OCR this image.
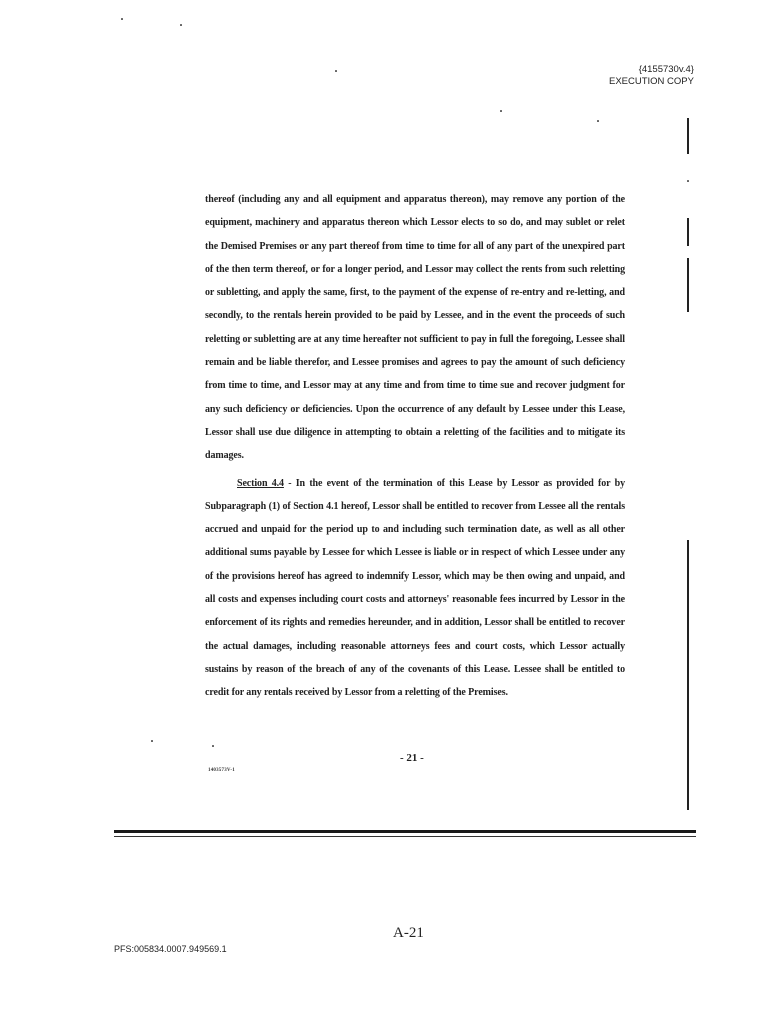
{4155730v.4}
EXECUTION COPY

thereof (including any and all equipment and apparatus thereon), may remove any portion of the equipment, machinery and apparatus thereon which Lessor elects to so do, and may sublet or relet the Demised Premises or any part thereof from time to time for all of any part of the unexpired part of the then term thereof, or for a longer period, and Lessor may collect the rents from such reletting or subletting, and apply the same, first, to the payment of the expense of re-entry and re-letting, and secondly, to the rentals herein provided to be paid by Lessee, and in the event the proceeds of such reletting or subletting are at any time hereafter not sufficient to pay in full the foregoing, Lessee shall remain and be liable therefor, and Lessee promises and agrees to pay the amount of such deficiency from time to time, and Lessor may at any time and from time to time sue and recover judgment for any such deficiency or deficiencies. Upon the occurrence of any default by Lessee under this Lease, Lessor shall use due diligence in attempting to obtain a reletting of the facilities and to mitigate its damages.

Section 4.4 - In the event of the termination of this Lease by Lessor as provided for by Subparagraph (1) of Section 4.1 hereof, Lessor shall be entitled to recover from Lessee all the rentals accrued and unpaid for the period up to and including such termination date, as well as all other additional sums payable by Lessee for which Lessee is liable or in respect of which Lessee under any of the provisions hereof has agreed to indemnify Lessor, which may be then owing and unpaid, and all costs and expenses including court costs and attorneys' reasonable fees incurred by Lessor in the enforcement of its rights and remedies hereunder, and in addition, Lessor shall be entitled to recover the actual damages, including reasonable attorneys fees and court costs, which Lessor actually sustains by reason of the breach of any of the covenants of this Lease. Lessee shall be entitled to credit for any rentals received by Lessor from a reletting of the Premises.

1403573V-1
- 21 -
A-21
PFS:005834.0007.949569.1
